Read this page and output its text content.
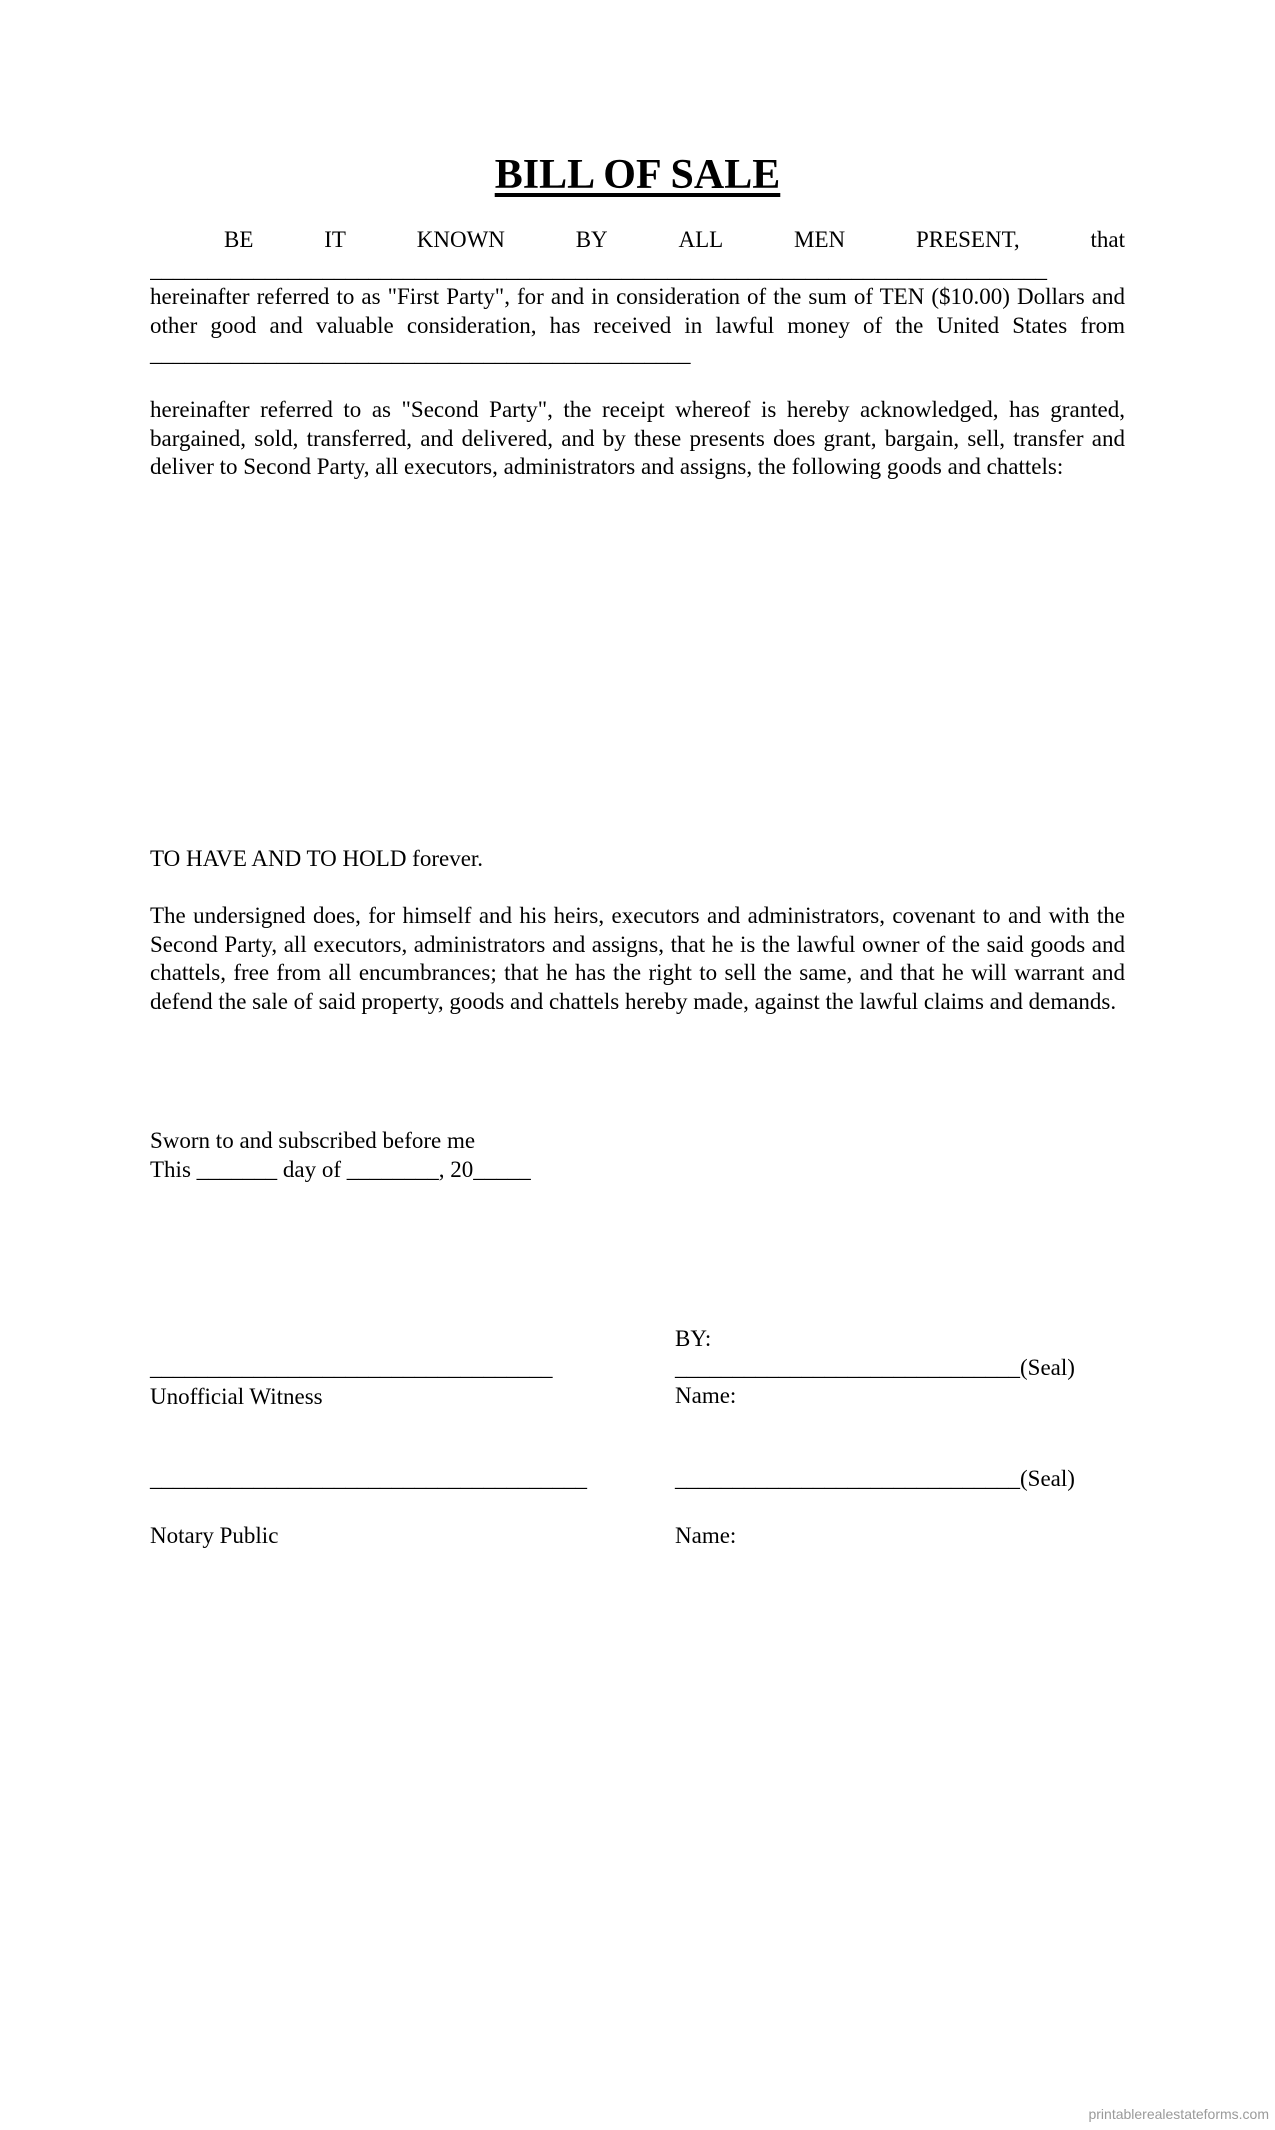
BILL OF SALE
BE	IT	KNOWN	BY	ALL	MEN	PRESENT,	that
______________________________________________________________________________
hereinafter referred to as "First Party", for and in consideration of the sum of TEN ($10.00) Dollars and other good and valuable consideration, has received in lawful money of the United States from _______________________________________________
hereinafter referred to as "Second Party", the receipt whereof is hereby acknowledged, has granted, bargained, sold, transferred, and delivered, and by these presents does grant, bargain, sell, transfer and deliver to Second Party, all executors, administrators and assigns, the following goods and chattels:
TO HAVE AND TO HOLD forever.
The undersigned does, for himself and his heirs, executors and administrators, covenant to and with the Second Party, all executors, administrators and assigns, that he is the lawful owner of the said goods and chattels, free from all encumbrances; that he has the right to sell the same, and that he will warrant and defend the sale of said property, goods and chattels hereby made, against the lawful claims and demands.
Sworn to and subscribed before me
This _______ day of ________, 20_____
___________________________________
Unofficial Witness
______________________________________
Notary Public
BY:
______________________________(Seal)
Name:
______________________________(Seal)
Name:
printablerealestateforms.com
